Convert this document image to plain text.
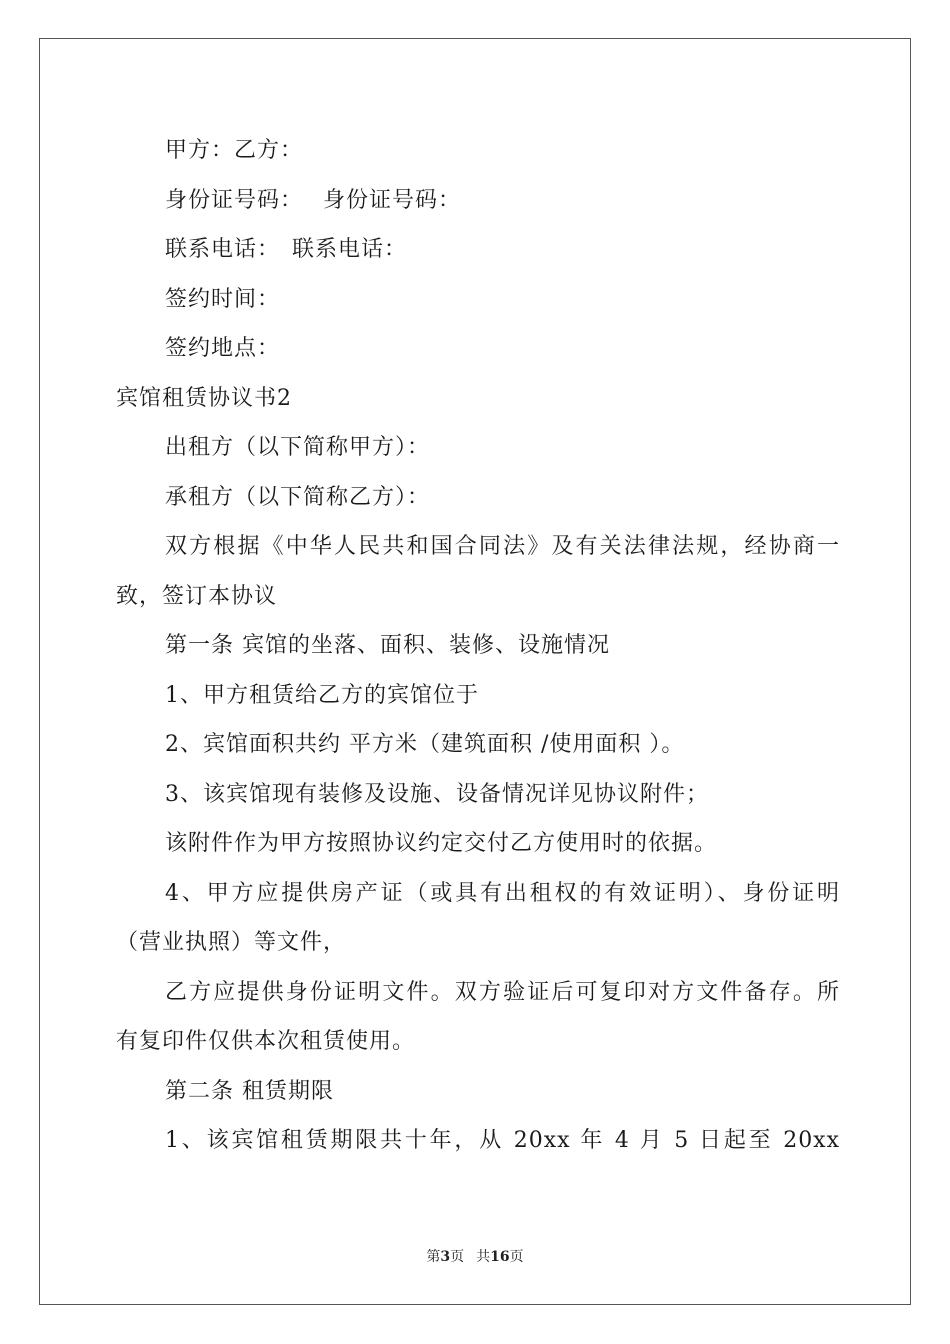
甲方：乙方：
身份证号码：　 身份证号码：
联系电话：　联系电话：
签约时间：
签约地点：
宾馆租赁协议书2
出租方（以下简称甲方）：
承租方（以下简称乙方）：
双方根据《中华人民共和国合同法》及有关法律法规，经协商一
致，签订本协议
第一条 宾馆的坐落、面积、装修、设施情况
1、甲方租赁给乙方的宾馆位于
2、宾馆面积共约 平方米（建筑面积 /使用面积 ）。
3、该宾馆现有装修及设施、设备情况详见协议附件；
该附件作为甲方按照协议约定交付乙方使用时的依据。
4、甲方应提供房产证（或具有出租权的有效证明）、身份证明
（营业执照）等文件，
乙方应提供身份证明文件。双方验证后可复印对方文件备存。所
有复印件仅供本次租赁使用。
第二条 租赁期限
1、该宾馆租赁期限共十年，从 20xx 年 4 月 5 日起至 20xx
第3页 共16页
